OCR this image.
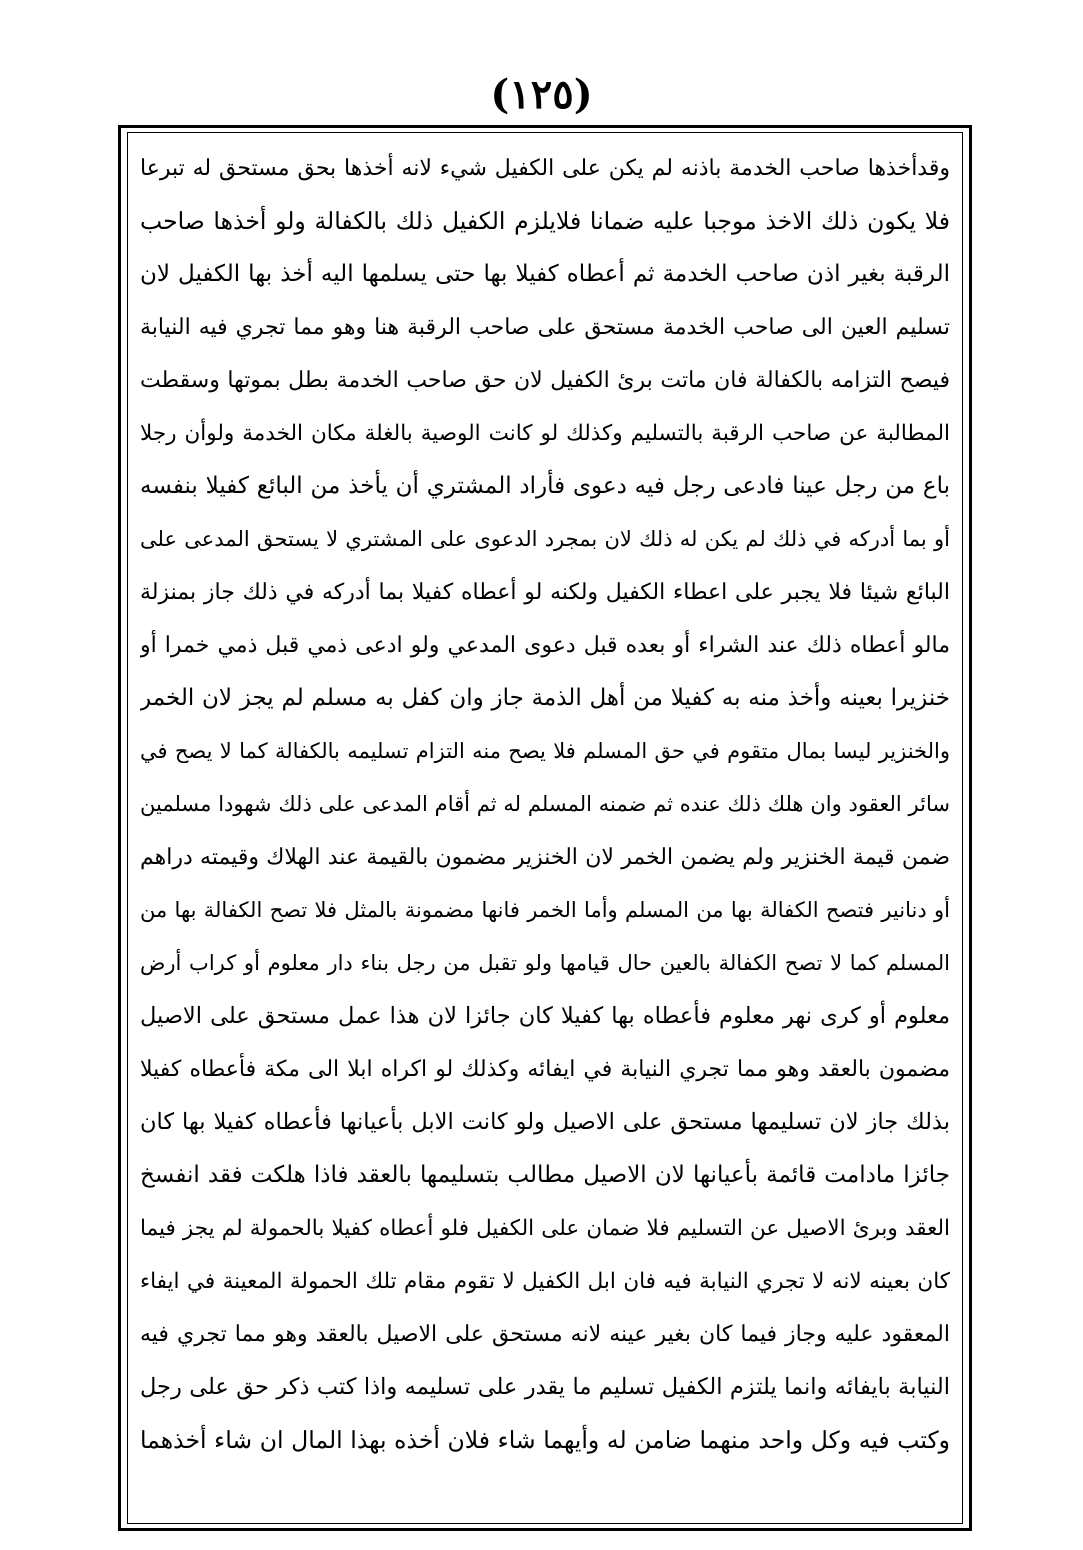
(١٢٥)
وقدأخذها صاحب الخدمة باذنه لم يكن على الكفيل شيء لانه أخذها بحق مستحق له تبرعا
فلا يكون ذلك الاخذ موجبا عليه ضمانا فلايلزم الكفيل ذلك بالكفالة ولو أخذها صاحب
الرقبة بغير اذن صاحب الخدمة ثم أعطاه كفيلا بها حتى يسلمها اليه أخذ بها الكفيل لان
تسليم العين الى صاحب الخدمة مستحق على صاحب الرقبة هنا وهو مما تجري فيه النيابة
فيصح التزامه بالكفالة فان ماتت برئ الكفيل لان حق صاحب الخدمة بطل بموتها وسقطت
المطالبة عن صاحب الرقبة بالتسليم وكذلك لو كانت الوصية بالغلة مكان الخدمة ولوأن رجلا
باع من رجل عينا فادعى رجل فيه دعوى فأراد المشتري أن يأخذ من البائع كفيلا بنفسه
أو بما أدركه في ذلك لم يكن له ذلك لان بمجرد الدعوى على المشتري لا يستحق المدعى على
البائع شيئا فلا يجبر على اعطاء الكفيل ولكنه لو أعطاه كفيلا بما أدركه في ذلك جاز بمنزلة
مالو أعطاه ذلك عند الشراء أو بعده قبل دعوى المدعي ولو ادعى ذمي قبل ذمي خمرا أو
خنزيرا بعينه وأخذ منه به كفيلا من أهل الذمة جاز وان كفل به مسلم لم يجز لان الخمر
والخنزير ليسا بمال متقوم في حق المسلم فلا يصح منه التزام تسليمه بالكفالة كما لا يصح في
سائر العقود وان هلك ذلك عنده ثم ضمنه المسلم له ثم أقام المدعى على ذلك شهودا مسلمين
ضمن قيمة الخنزير ولم يضمن الخمر لان الخنزير مضمون بالقيمة عند الهلاك وقيمته دراهم
أو دنانير فتصح الكفالة بها من المسلم وأما الخمر فانها مضمونة بالمثل فلا تصح الكفالة بها من
المسلم كما لا تصح الكفالة بالعين حال قيامها ولو تقبل من رجل بناء دار معلوم أو كراب أرض
معلوم أو كرى نهر معلوم فأعطاه بها كفيلا كان جائزا لان هذا عمل مستحق على الاصيل
مضمون بالعقد وهو مما تجري النيابة في ايفائه وكذلك لو اكراه ابلا الى مكة فأعطاه كفيلا
بذلك جاز لان تسليمها مستحق على الاصيل ولو كانت الابل بأعيانها فأعطاه كفيلا بها كان
جائزا مادامت قائمة بأعيانها لان الاصيل مطالب بتسليمها بالعقد فاذا هلكت فقد انفسخ
العقد وبرئ الاصيل عن التسليم فلا ضمان على الكفيل فلو أعطاه كفيلا بالحمولة لم يجز فيما
كان بعينه لانه لا تجري النيابة فيه فان ابل الكفيل لا تقوم مقام تلك الحمولة المعينة في ايفاء
المعقود عليه وجاز فيما كان بغير عينه لانه مستحق على الاصيل بالعقد وهو مما تجري فيه
النيابة بايفائه وانما يلتزم الكفيل تسليم ما يقدر على تسليمه واذا كتب ذكر حق على رجل
وكتب فيه وكل واحد منهما ضامن له وأيهما شاء فلان أخذه بهذا المال ان شاء أخذهما
